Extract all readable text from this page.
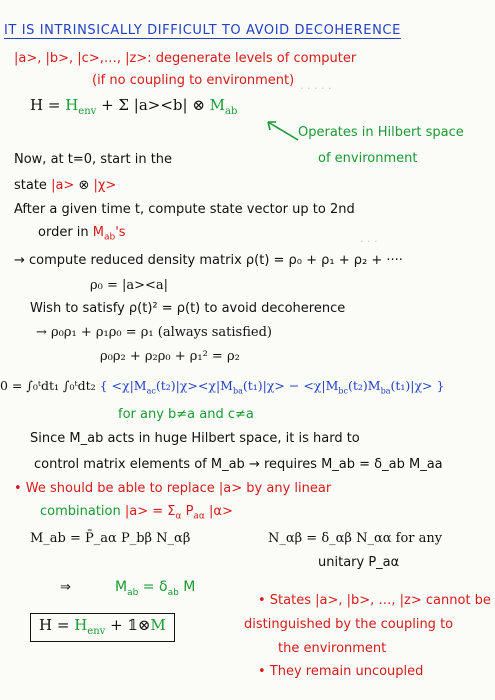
· · · · ·
· · ·
IT IS INTRINSICALLY DIFFICULT TO AVOID DECOHERENCE
|a>, |b>, |c>,…, |z>: degenerate levels of computer
(if no coupling to environment)
$H = H_{env} + \Sigma$ |a><b| ⊗ $M_{ab}$
Operates in Hilbert space
of environment
Now, at t=0, start in the
state |a> ⊗ |χ>
After a given time t, compute state vector up to 2nd
order in $M_{ab}'s$
→ compute reduced density matrix ρ(t) = ρ₀ + ρ₁ + ρ₂ + ····
ρ₀ = |a><a|
Wish to satisfy ρ(t)² = ρ(t) to avoid decoherence
→ ρ₀ρ₁ + ρ₁ρ₀ = ρ₁ (always satisfied)
ρ₀ρ₂ + ρ₂ρ₀ + ρ₁² = ρ₂
0 = ∫₀ᵗdt₁ ∫₀ᵗdt₂ { $<\chi|M_{ac}(t_2)|\chi><\chi|M_{ba}(t_1)|\chi> - <\chi|M_{bc}(t_2)M_{ba}(t_1)|\chi>$ }
for any b≠a and c≠a
Since M_ab acts in huge Hilbert space, it is hard to
control matrix elements of M_ab → requires M_ab = δ_ab M_aa
• We should be able to replace |a> by any linear
combination $|a> = \Sigma_\alpha$ $P_{a\alpha}$ |α>
M_ab = P̄_aα P_bβ N_αβ	N_αβ = δ_αβ N_αα for any
unitary P_aα
⇒	$M_{ab} = \delta_{ab}$ M
$H = H_{env}$ + 𝟙⊗M
• States |a>, |b>, …, |z> cannot be
distinguished by the coupling to
the environment
• They remain uncoupled
